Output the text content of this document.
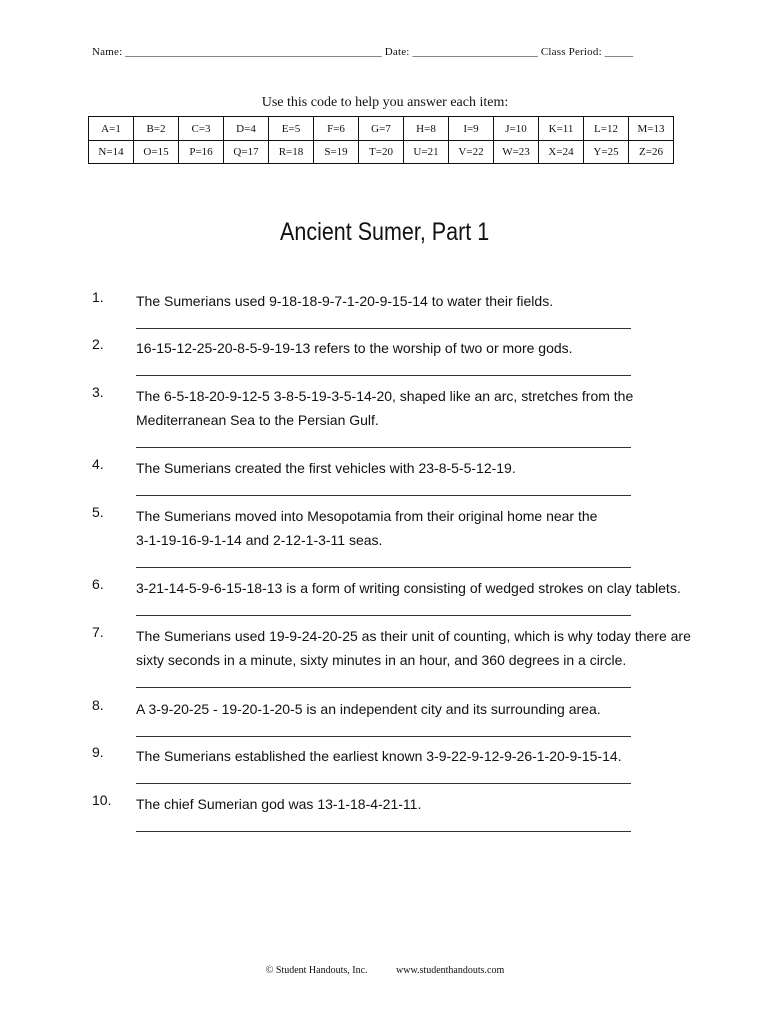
Name: _____________________________________________ Date: ______________________ Class Period: _____
Use this code to help you answer each item:
A=1	B=2	C=3	D=4	E=5	F=6	G=7	H=8	I=9	J=10	K=11	L=12	M=13
N=14	O=15	P=16	Q=17	R=18	S=19	T=20	U=21	V=22	W=23	X=24	Y=25	Z=26
Ancient Sumer, Part 1
1. The Sumerians used 9-18-18-9-7-1-20-9-15-14 to water their fields.
2. 16-15-12-25-20-8-5-9-19-13 refers to the worship of two or more gods.
3. The 6-5-18-20-9-12-5 3-8-5-19-3-5-14-20, shaped like an arc, stretches from the
Mediterranean Sea to the Persian Gulf.
4. The Sumerians created the first vehicles with 23-8-5-5-12-19.
5. The Sumerians moved into Mesopotamia from their original home near the
3-1-19-16-9-1-14 and 2-12-1-3-11 seas.
6. 3-21-14-5-9-6-15-18-13 is a form of writing consisting of wedged strokes on clay tablets.
7. The Sumerians used 19-9-24-20-25 as their unit of counting, which is why today there are
sixty seconds in a minute, sixty minutes in an hour, and 360 degrees in a circle.
8. A 3-9-20-25 - 19-20-1-20-5 is an independent city and its surrounding area.
9. The Sumerians established the earliest known 3-9-22-9-12-9-26-1-20-9-15-14.
10. The chief Sumerian god was 13-1-18-4-21-11.
© Student Handouts, Inc.	www.studenthandouts.com
